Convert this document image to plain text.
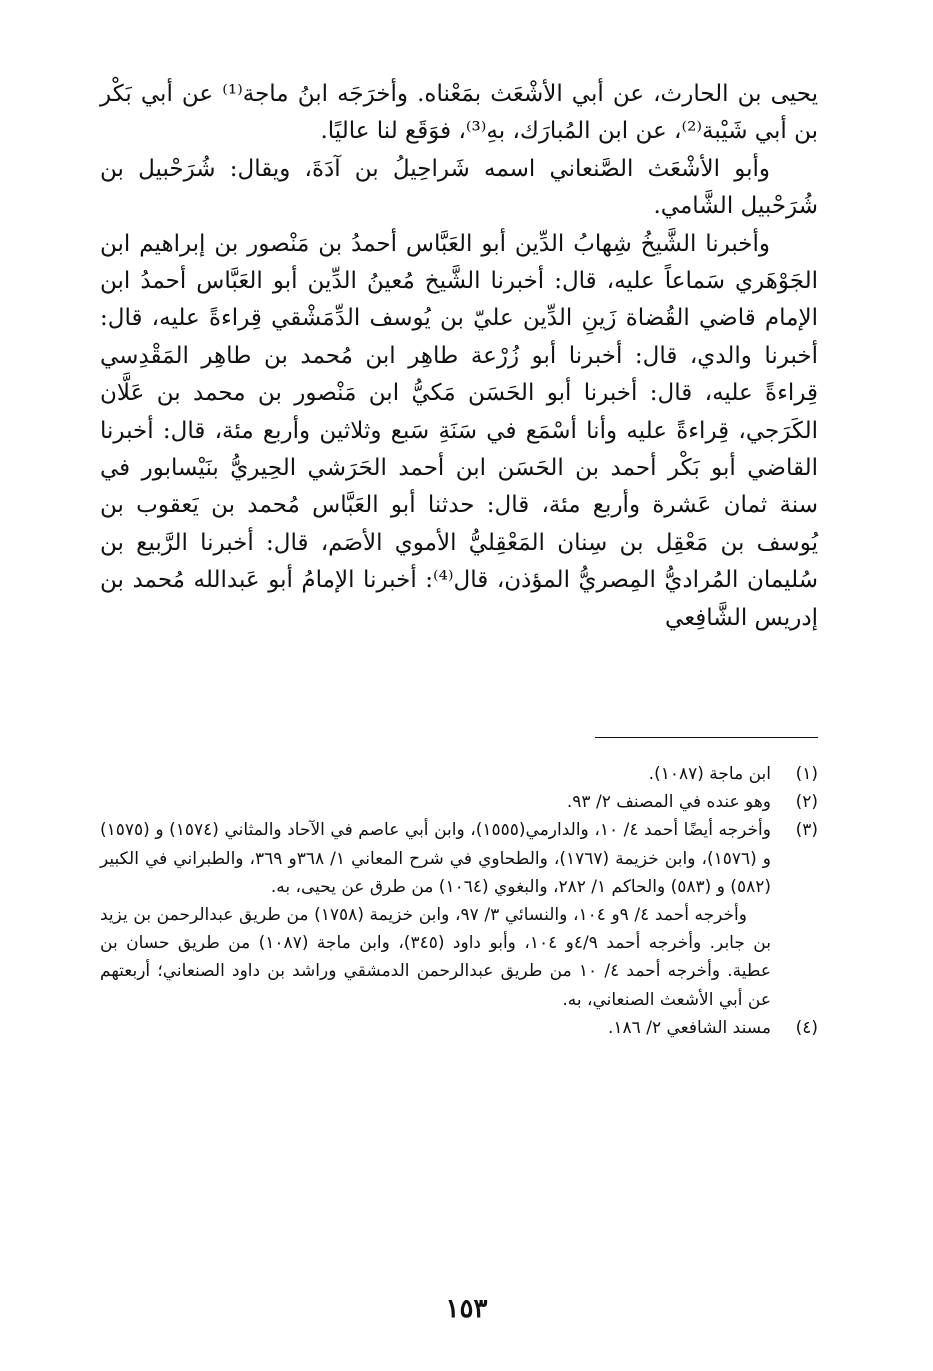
يحيى بن الحارث، عن أبي الأشْعَث بمَعْناه. وأخرَجَه ابنُ ماجة⁽¹⁾ عن أبي بَكْر بن أبي شَيْبة⁽²⁾، عن ابن المُبارَك، بهِ⁽³⁾، فوَقَع لنا عاليًا.

وأبو الأشْعَث الصَّنعاني اسمه شَراحِيلُ بن آدَةَ، ويقال: شُرَحْبيل بن شُرَحْبيل الشَّامي.

وأخبرنا الشَّيخُ شِهابُ الدِّين أبو العَبَّاس أحمدُ بن مَنْصور بن إبراهيم ابن الجَوْهَري سَماعاً عليه، قال: أخبرنا الشَّيخ مُعينُ الدِّين أبو العَبَّاس أحمدُ ابن الإمام قاضي القُضاة زَينِ الدِّين عليّ بن يُوسف الدِّمَشْقي قِراءةً عليه، قال: أخبرنا والدي، قال: أخبرنا أبو زُرْعة طاهِر ابن مُحمد بن طاهِر المَقْدِسي قِراءةً عليه، قال: أخبرنا أبو الحَسَن مَكيُّ ابن مَنْصور بن محمد بن عَلَّان الكَرَجي، قِراءةً عليه وأنا أسْمَع في سَنَةِ سَبع وثلاثين وأربع مئة، قال: أخبرنا القاضي أبو بَكْر أحمد بن الحَسَن ابن أحمد الحَرَشي الحِيريُّ بنَيْسابور في سنة ثمان عَشرة وأربع مئة، قال: حدثنا أبو العَبَّاس مُحمد بن يَعقوب بن يُوسف بن مَعْقِل بن سِنان المَعْقِليُّ الأموي الأصَم، قال: أخبرنا الرَّبيع بن سُليمان المُراديُّ المِصريُّ المؤذن، قال⁽⁴⁾: أخبرنا الإمامُ أبو عَبدالله مُحمد بن إدريس الشَّافِعي

(١)
ابن ماجة (١٠٨٧).
(٢)
وهو عنده في المصنف ٢/ ٩٣.
(٣)
وأخرجه أيضًا أحمد ٤/ ١٠، والدارمي(١٥٥٥)، وابن أبي عاصم في الآحاد والمثاني (١٥٧٤) و (١٥٧٥) و (١٥٧٦)، وابن خزيمة (١٧٦٧)، والطحاوي في شرح المعاني ١/ ٣٦٨و ٣٦٩، والطبراني في الكبير (٥٨٢) و (٥٨٣) والحاكم ١/ ٢٨٢، والبغوي (١٠٦٤) من طرق عن يحيى، به.
وأخرجه أحمد ٤/ ٩و ١٠٤، والنسائي ٣/ ٩٧، وابن خزيمة (١٧٥٨) من طريق عبدالرحمن بن يزيد بن جابر. وأخرجه أحمد ٤/٩و ١٠٤، وأبو داود (٣٤٥)، وابن ماجة (١٠٨٧) من طريق حسان بن عطية. وأخرجه أحمد ٤/ ١٠ من طريق عبدالرحمن الدمشقي وراشد بن داود الصنعاني؛ أربعتهم عن أبي الأشعث الصنعاني، به.
(٤)
مسند الشافعي ٢/ ١٨٦.
١٥٣
